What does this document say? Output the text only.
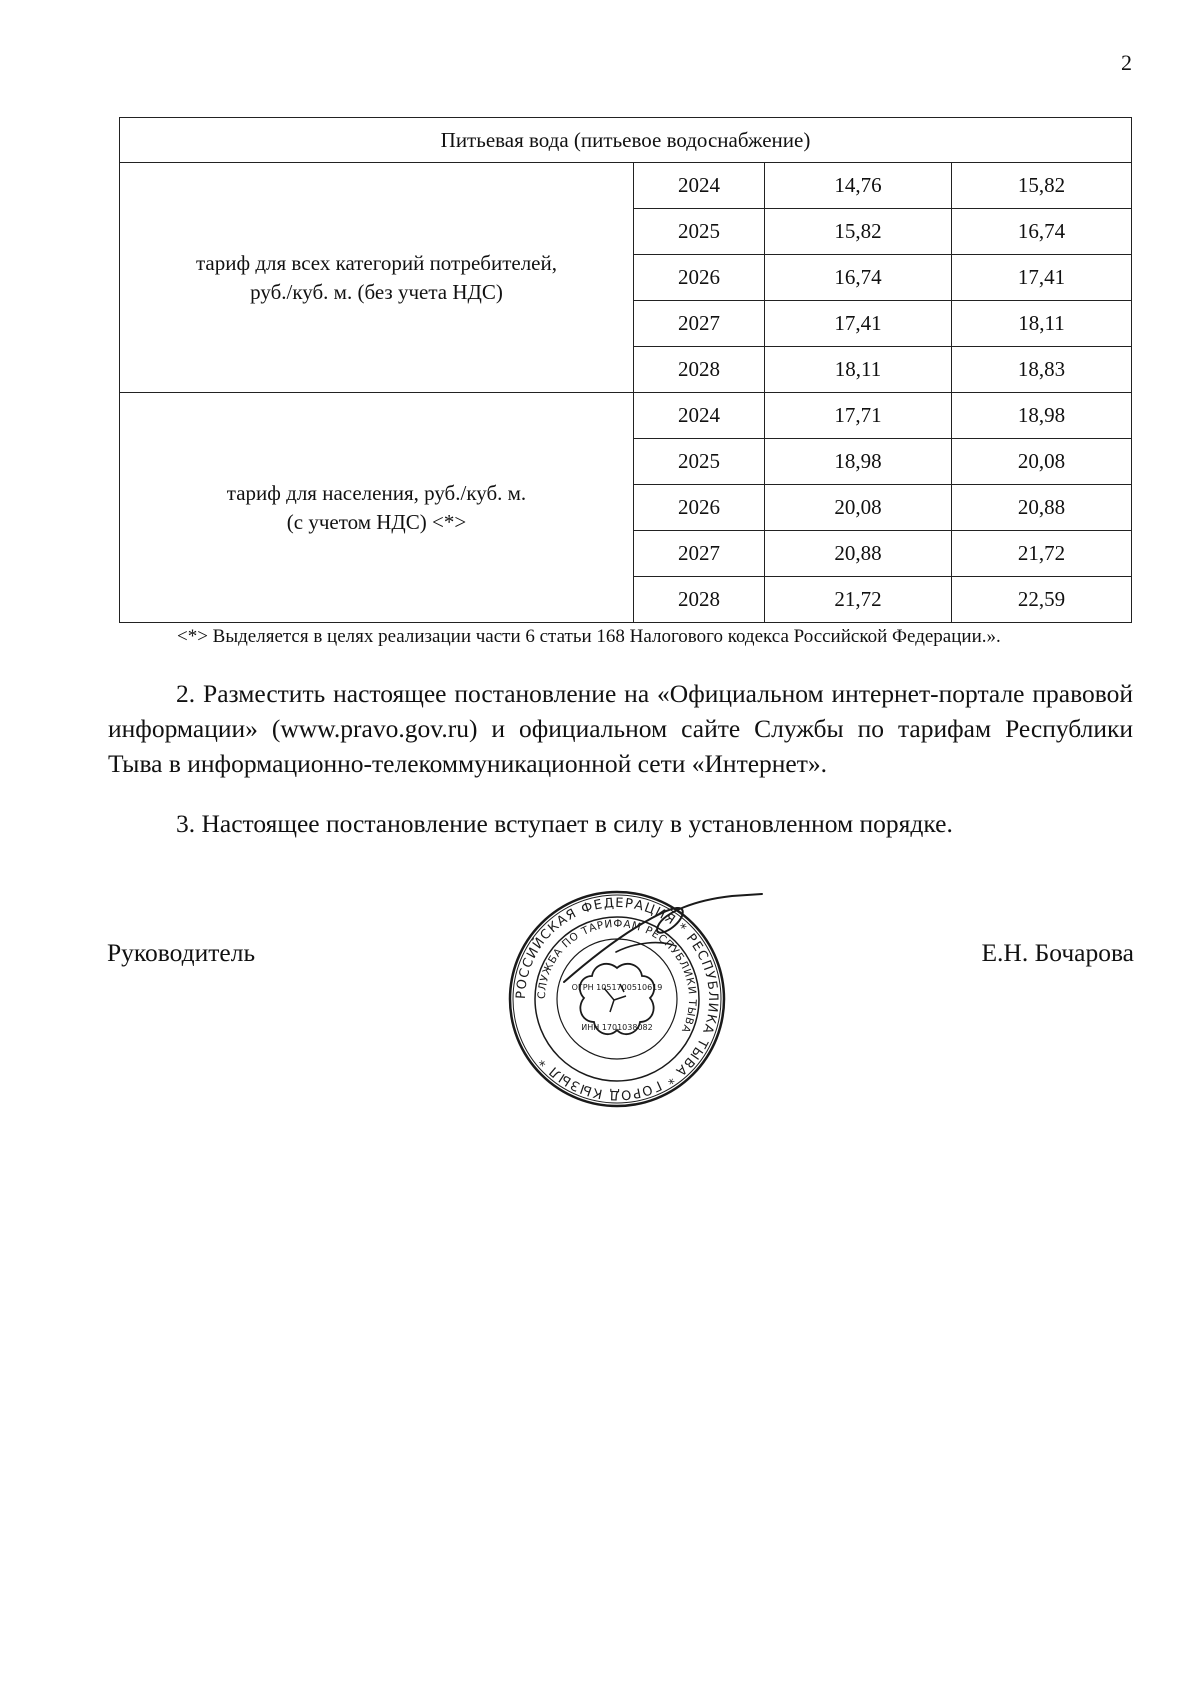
2
Питьевая вода (питьевое водоснабжение)			
тариф для всех категорий потребителей,
руб./куб. м. (без учета НДС)	2024	14,76	15,82
	2025	15,82	16,74
	2026	16,74	17,41
	2027	17,41	18,11
	2028	18,11	18,83
тариф для населения, руб./куб. м.
(с учетом НДС) <*>	2024	17,71	18,98
	2025	18,98	20,08
	2026	20,08	20,88
	2027	20,88	21,72
	2028	21,72	22,59

<*> Выделяется в целях реализации части 6 статьи 168 Налогового кодекса Российской Федерации.».

2. Разместить настоящее постановление на «Официальном интернет-портале правовой информации» (www.pravo.gov.ru) и официальном сайте Службы по тарифам Республики Тыва в информационно-телекоммуникационной сети «Интернет».

3. Настоящее постановление вступает в силу в установленном порядке.

Руководитель	Е.Н. Бочарова
РОССИЙСКАЯ ФЕДЕРАЦИЯ * РЕСПУБЛИКА ТЫВА * ГОРОД КЫЗЫЛ *
СЛУЖБА ПО ТАРИФАМ РЕСПУБЛИКИ ТЫВА
ОГРН 1051700510619
ИНН 1701038082
